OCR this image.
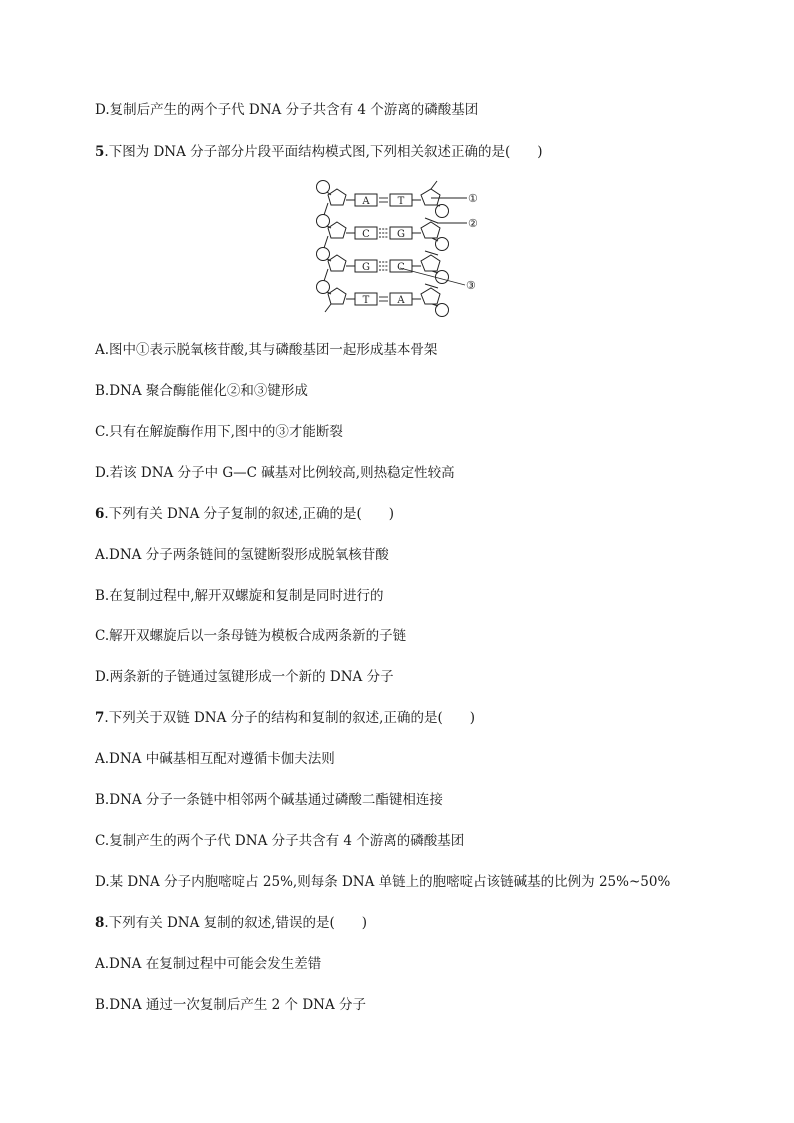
D.复制后产生的两个子代 DNA 分子共含有 4 个游离的磷酸基团

5.下图为 DNA 分子部分片段平面结构模式图,下列相关叙述正确的是(　　)

A	T
C	G
G	C
T	A
①
②
③

A.图中①表示脱氧核苷酸,其与磷酸基团一起形成基本骨架

B.DNA 聚合酶能催化②和③键形成

C.只有在解旋酶作用下,图中的③才能断裂

D.若该 DNA 分子中 G—C 碱基对比例较高,则热稳定性较高

6.下列有关 DNA 分子复制的叙述,正确的是(　　)

A.DNA 分子两条链间的氢键断裂形成脱氧核苷酸

B.在复制过程中,解开双螺旋和复制是同时进行的

C.解开双螺旋后以一条母链为模板合成两条新的子链

D.两条新的子链通过氢键形成一个新的 DNA 分子

7.下列关于双链 DNA 分子的结构和复制的叙述,正确的是(　　)

A.DNA 中碱基相互配对遵循卡伽夫法则

B.DNA 分子一条链中相邻两个碱基通过磷酸二酯键相连接

C.复制产生的两个子代 DNA 分子共含有 4 个游离的磷酸基团

D.某 DNA 分子内胞嘧啶占 25%,则每条 DNA 单链上的胞嘧啶占该链碱基的比例为 25%~50%

8.下列有关 DNA 复制的叙述,错误的是(　　)

A.DNA 在复制过程中可能会发生差错

B.DNA 通过一次复制后产生 2 个 DNA 分子
